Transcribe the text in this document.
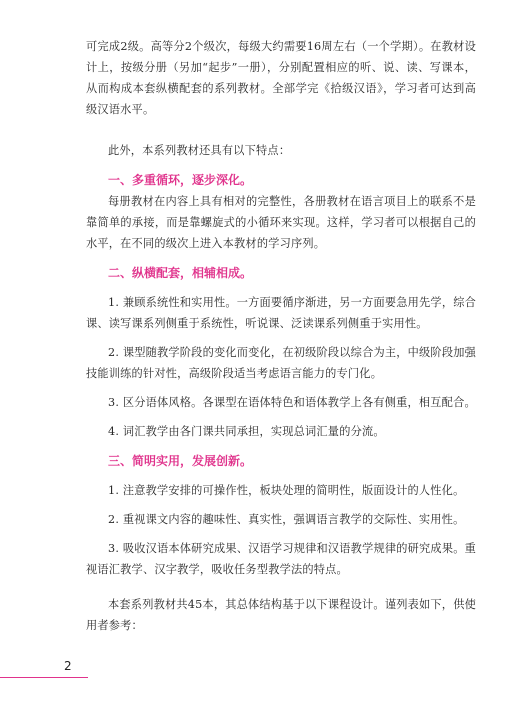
可完成2级。高等分2个级次，每级大约需要16周左右（一个学期）。在教材设计上，按级分册（另加“起步”一册），分别配置相应的听、说、读、写课本，从而构成本套纵横配套的系列教材。全部学完《拾级汉语》，学习者可达到高级汉语水平。

此外，本系列教材还具有以下特点：

一、多重循环，逐步深化。

每册教材在内容上具有相对的完整性，各册教材在语言项目上的联系不是靠简单的承接，而是靠螺旋式的小循环来实现。这样，学习者可以根据自己的水平，在不同的级次上进入本教材的学习序列。

二、纵横配套，相辅相成。

1. 兼顾系统性和实用性。一方面要循序渐进，另一方面要急用先学，综合课、读写课系列侧重于系统性，听说课、泛读课系列侧重于实用性。

2. 课型随教学阶段的变化而变化，在初级阶段以综合为主，中级阶段加强技能训练的针对性，高级阶段适当考虑语言能力的专门化。

3. 区分语体风格。各课型在语体特色和语体教学上各有侧重，相互配合。

4. 词汇教学由各门课共同承担，实现总词汇量的分流。

三、简明实用，发展创新。

1. 注意教学安排的可操作性，板块处理的简明性，版面设计的人性化。

2. 重视课文内容的趣味性、真实性，强调语言教学的交际性、实用性。

3. 吸收汉语本体研究成果、汉语学习规律和汉语教学规律的研究成果。重视语汇教学、汉字教学，吸收任务型教学法的特点。

本套系列教材共45本，其总体结构基于以下课程设计。谨列表如下，供使用者参考：

2
